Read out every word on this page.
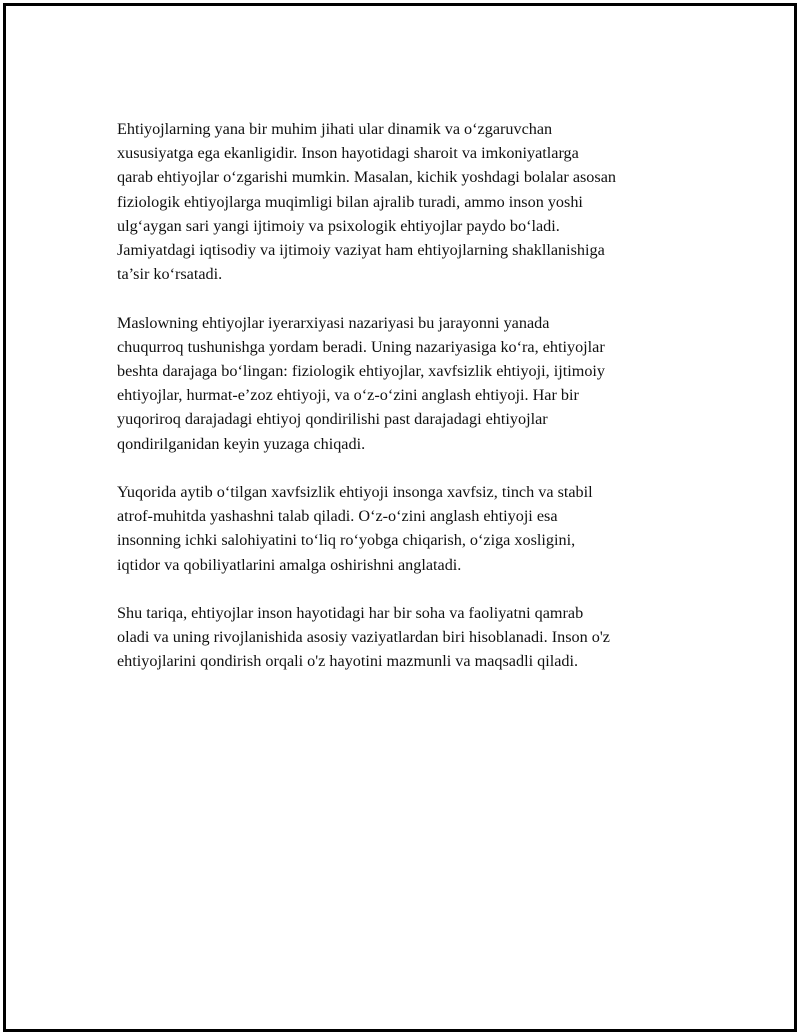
Ehtiyojlarning yana bir muhim jihati ular dinamik va o‘zgaruvchan
xususiyatga ega ekanligidir. Inson hayotidagi sharoit va imkoniyatlarga
qarab ehtiyojlar o‘zgarishi mumkin. Masalan, kichik yoshdagi bolalar asosan
fiziologik ehtiyojlarga muqimligi bilan ajralib turadi, ammo inson yoshi
ulg‘aygan sari yangi ijtimoiy va psixologik ehtiyojlar paydo bo‘ladi.
Jamiyatdagi iqtisodiy va ijtimoiy vaziyat ham ehtiyojlarning shakllanishiga
ta’sir ko‘rsatadi.

Maslowning ehtiyojlar iyerarxiyasi nazariyasi bu jarayonni yanada
chuqurroq tushunishga yordam beradi. Uning nazariyasiga ko‘ra, ehtiyojlar
beshta darajaga bo‘lingan: fiziologik ehtiyojlar, xavfsizlik ehtiyoji, ijtimoiy
ehtiyojlar, hurmat-e’zoz ehtiyoji, va o‘z-o‘zini anglash ehtiyoji. Har bir
yuqoriroq darajadagi ehtiyoj qondirilishi past darajadagi ehtiyojlar
qondirilganidan keyin yuzaga chiqadi.

Yuqorida aytib o‘tilgan xavfsizlik ehtiyoji insonga xavfsiz, tinch va stabil
atrof-muhitda yashashni talab qiladi. O‘z-o‘zini anglash ehtiyoji esa
insonning ichki salohiyatini to‘liq ro‘yobga chiqarish, o‘ziga xosligini,
iqtidor va qobiliyatlarini amalga oshirishni anglatadi.

Shu tariqa, ehtiyojlar inson hayotidagi har bir soha va faoliyatni qamrab
oladi va uning rivojlanishida asosiy vaziyatlardan biri hisoblanadi. Inson o'z
ehtiyojlarini qondirish orqali o'z hayotini mazmunli va maqsadli qiladi.
